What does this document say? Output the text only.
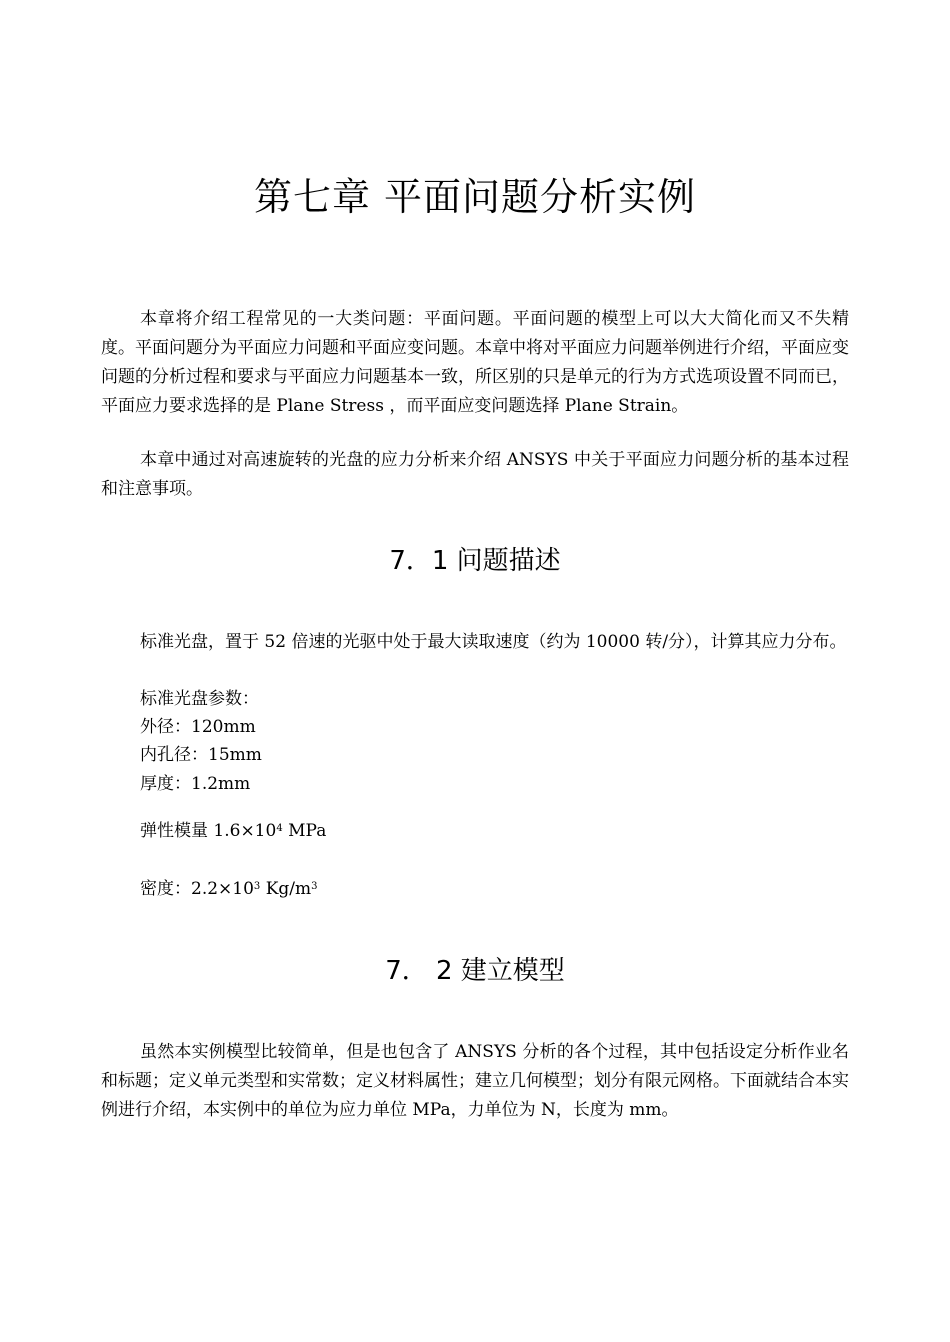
第七章 平面问题分析实例
本章将介绍工程常见的一大类问题：平面问题。平面问题的模型上可以大大简化而又不失精度。平面问题分为平面应力问题和平面应变问题。本章中将对平面应力问题举例进行介绍，平面应变问题的分析过程和要求与平面应力问题基本一致，所区别的只是单元的行为方式选项设置不同而已，平面应力要求选择的是 Plane Stress ，而平面应变问题选择 Plane Strain。
本章中通过对高速旋转的光盘的应力分析来介绍 ANSYS 中关于平面应力问题分析的基本过程和注意事项。
7．1 问题描述
标准光盘，置于 52 倍速的光驱中处于最大读取速度（约为 10000 转/分），计算其应力分布。
标准光盘参数：
外径：120mm
内孔径：15mm
厚度：1.2mm
弹性模量 $1.6\times 10^4$ MPa
密度：$2.2\times 10^3$ $Kg/m^3$
7． 2 建立模型
虽然本实例模型比较简单，但是也包含了 ANSYS 分析的各个过程，其中包括设定分析作业名和标题；定义单元类型和实常数；定义材料属性；建立几何模型；划分有限元网格。下面就结合本实例进行介绍，本实例中的单位为应力单位 MPa，力单位为 N，长度为 mm。
